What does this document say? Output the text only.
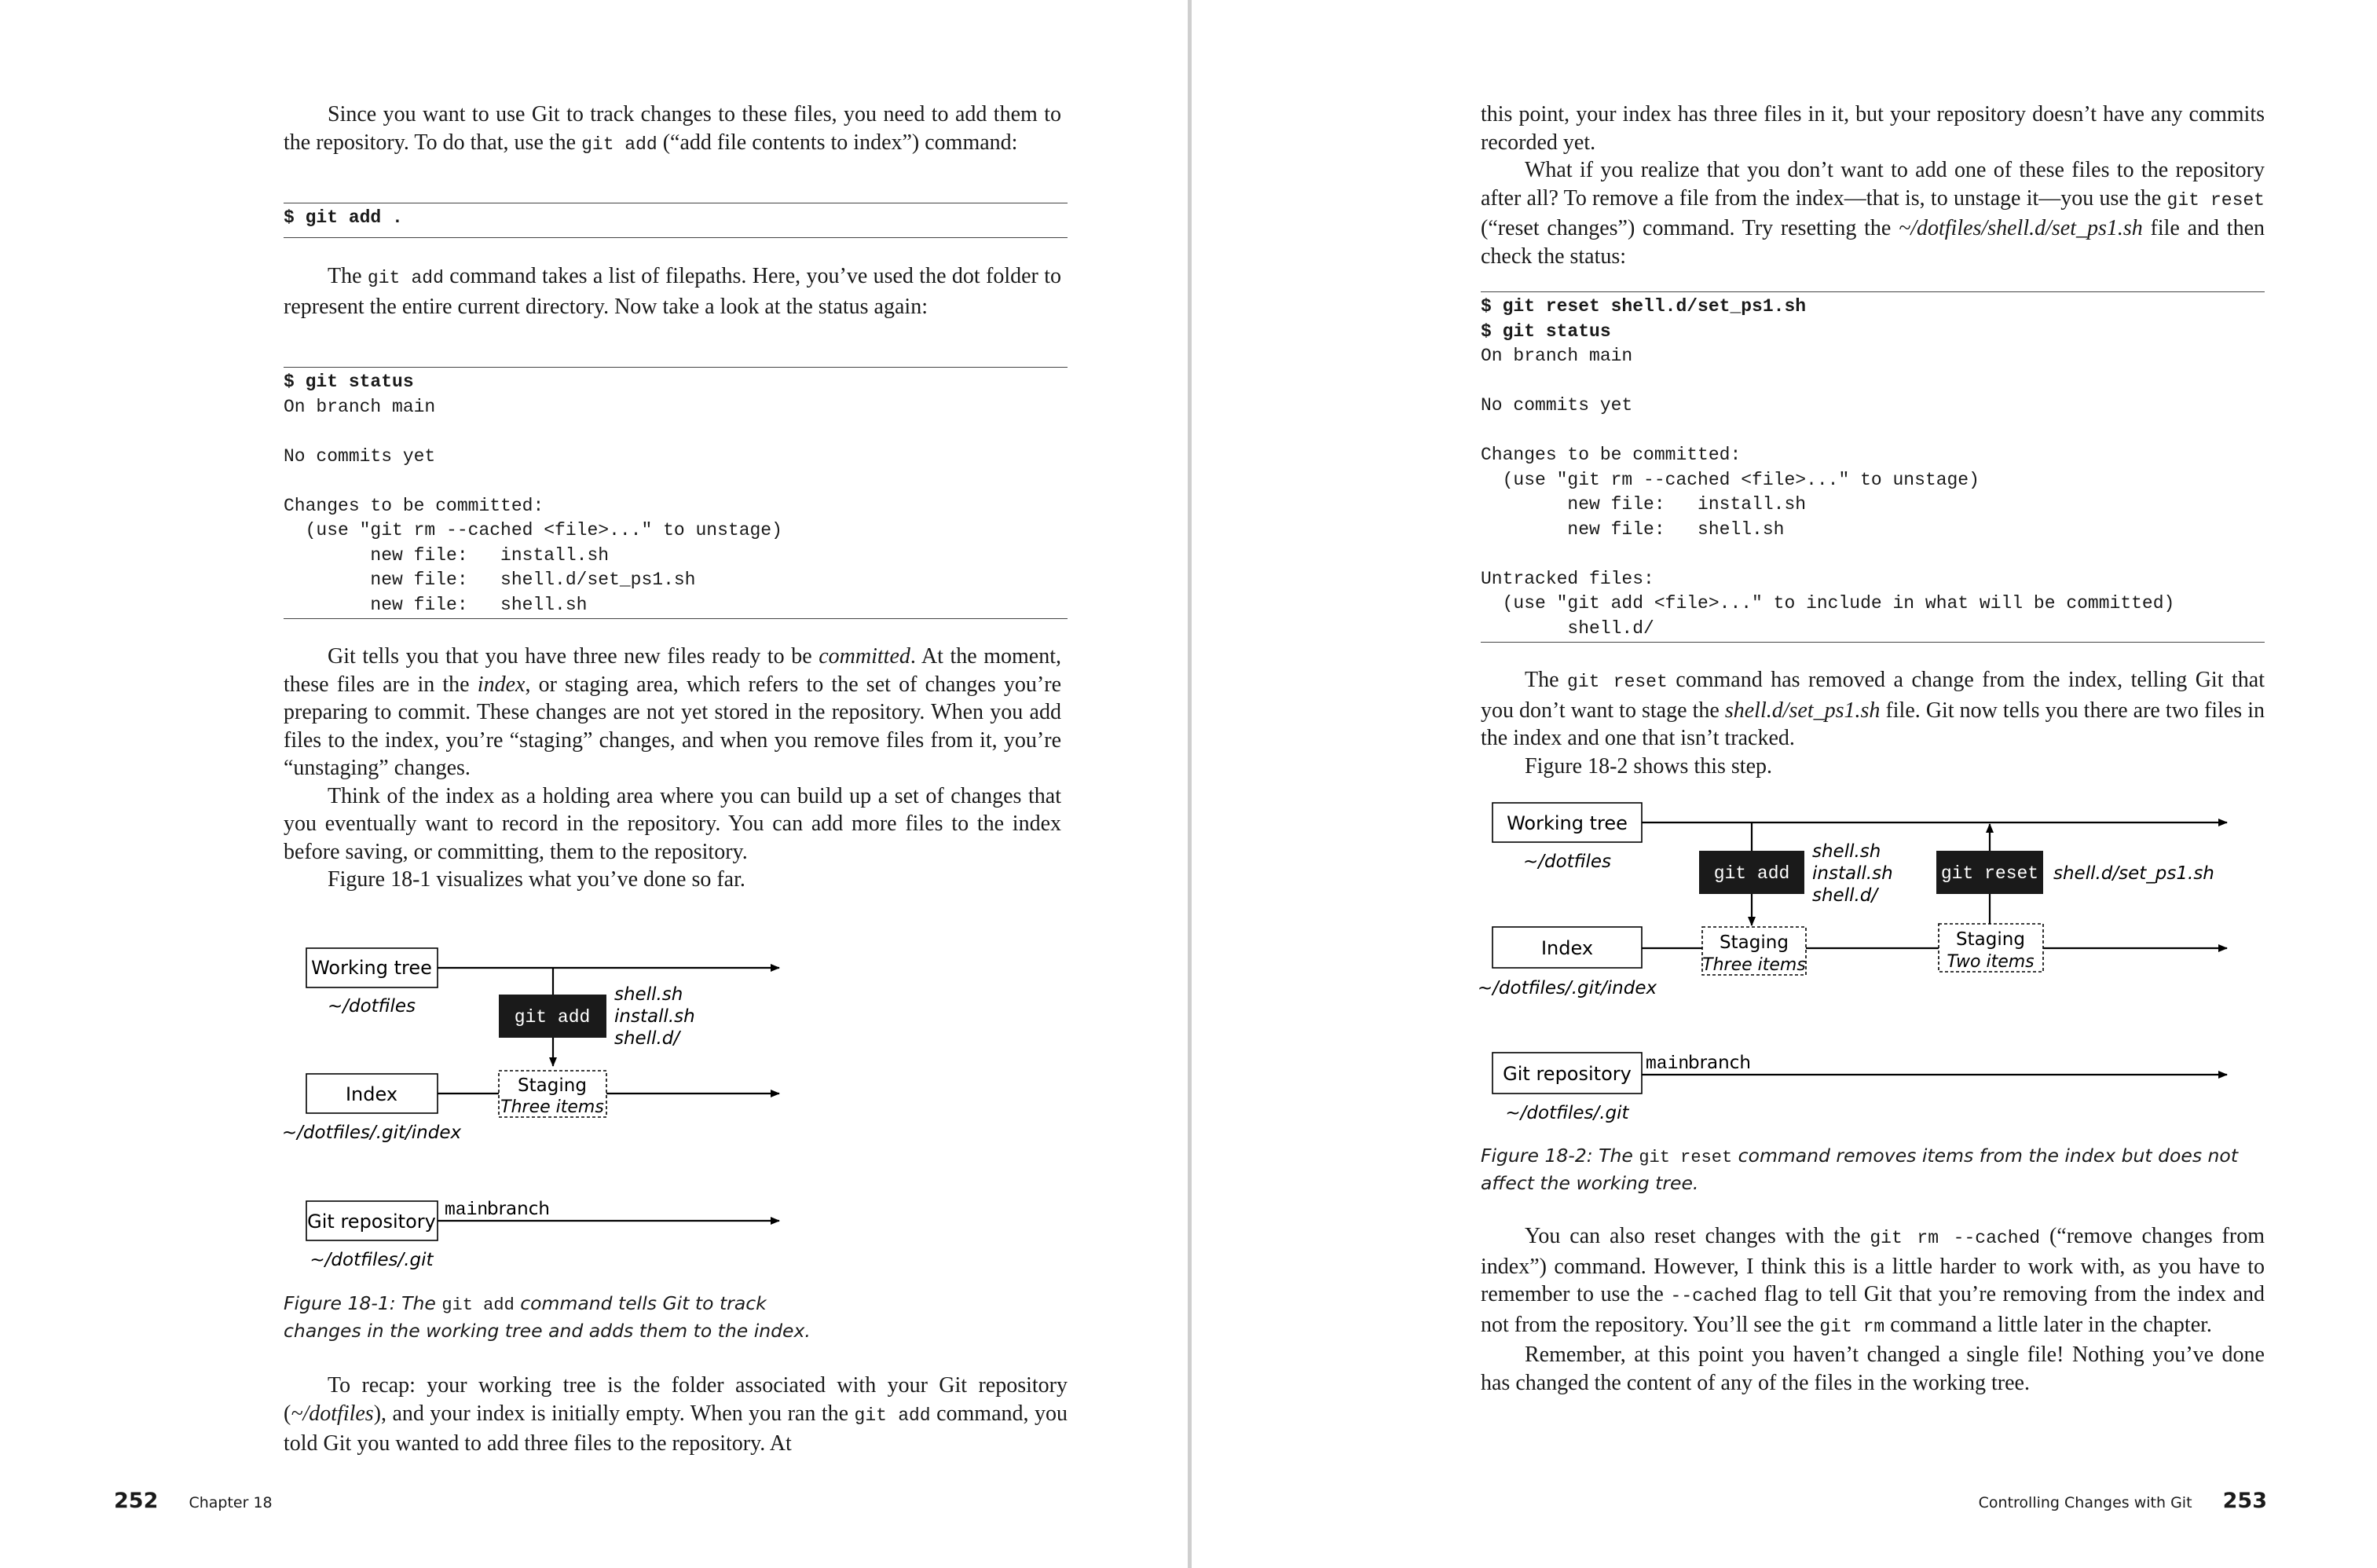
Since you want to use Git to track changes to these files, you need to add them to the repository. To do that, use the git add (“add file contents to index”) command:

$ git add .

The git add command takes a list of filepaths. Here, you’ve used the dot folder to represent the entire current directory. Now take a look at the status again:

$ git status
On branch main
No commits yet
Changes to be committed:
(use "git rm --cached <file>..." to unstage)
new file:   install.sh
new file:   shell.d/set_ps1.sh
new file:   shell.sh

Git tells you that you have three new files ready to be committed. At the moment, these files are in the index, or staging area, which refers to the set of changes you’re preparing to commit. These changes are not yet stored in the repository. When you add files to the index, you’re “staging” changes, and when you remove files from it, you’re “unstaging” changes.

Think of the index as a holding area where you can build up a set of changes that you eventually want to record in the repository. You can add more files to the index before saving, or committing, them to the repository.

Figure 18-1 visualizes what you’ve done so far.

Working tree
~/dotfiles
git add
shell.sh
install.sh
shell.d/
Index
~/dotfiles/.git/index
Staging
Three items
Git repository
~/dotfiles/.git
main
branch
Figure 18-1: The git add command tells Git to track changes in the working tree and adds them to the index.

To recap: your working tree is the folder associated with your Git repository (~/dotfiles), and your index is initially empty. When you ran the git add command, you told Git you wanted to add three files to the repository. At

252 Chapter 18

this point, your index has three files in it, but your repository doesn’t have any commits recorded yet.

What if you realize that you don’t want to add one of these files to the repository after all? To remove a file from the index—that is, to unstage it—you use the git reset (“reset changes”) command. Try resetting the ~/dotfiles/shell.d/set_ps1.sh file and then check the status:

$ git reset shell.d/set_ps1.sh
$ git status
On branch main
No commits yet
Changes to be committed:
(use "git rm --cached <file>..." to unstage)
new file:   install.sh
new file:   shell.sh
Untracked files:
(use "git add <file>..." to include in what will be committed)
shell.d/

The git reset command has removed a change from the index, telling Git that you don’t want to stage the shell.d/set_ps1.sh file. Git now tells you there are two files in the index and one that isn’t tracked.

Figure 18-2 shows this step.

Working tree
~/dotfiles
git add
shell.sh
install.sh
shell.d/
git reset shell.d/set_ps1.sh
Index
~/dotfiles/.git/index
Staging
Three items
Staging
Two items
Git repository
~/dotfiles/.git
main
branch
Figure 18-2: The git reset command removes items from the index but does not affect the working tree.

You can also reset changes with the git rm --cached (“remove changes from index”) command. However, I think this is a little harder to work with, as you have to remember to use the --cached flag to tell Git that you’re removing from the index and not from the repository. You’ll see the git rm command a little later in the chapter.

Remember, at this point you haven’t changed a single file! Nothing you’ve done has changed the content of any of the files in the working tree.

Controlling Changes with Git 253
